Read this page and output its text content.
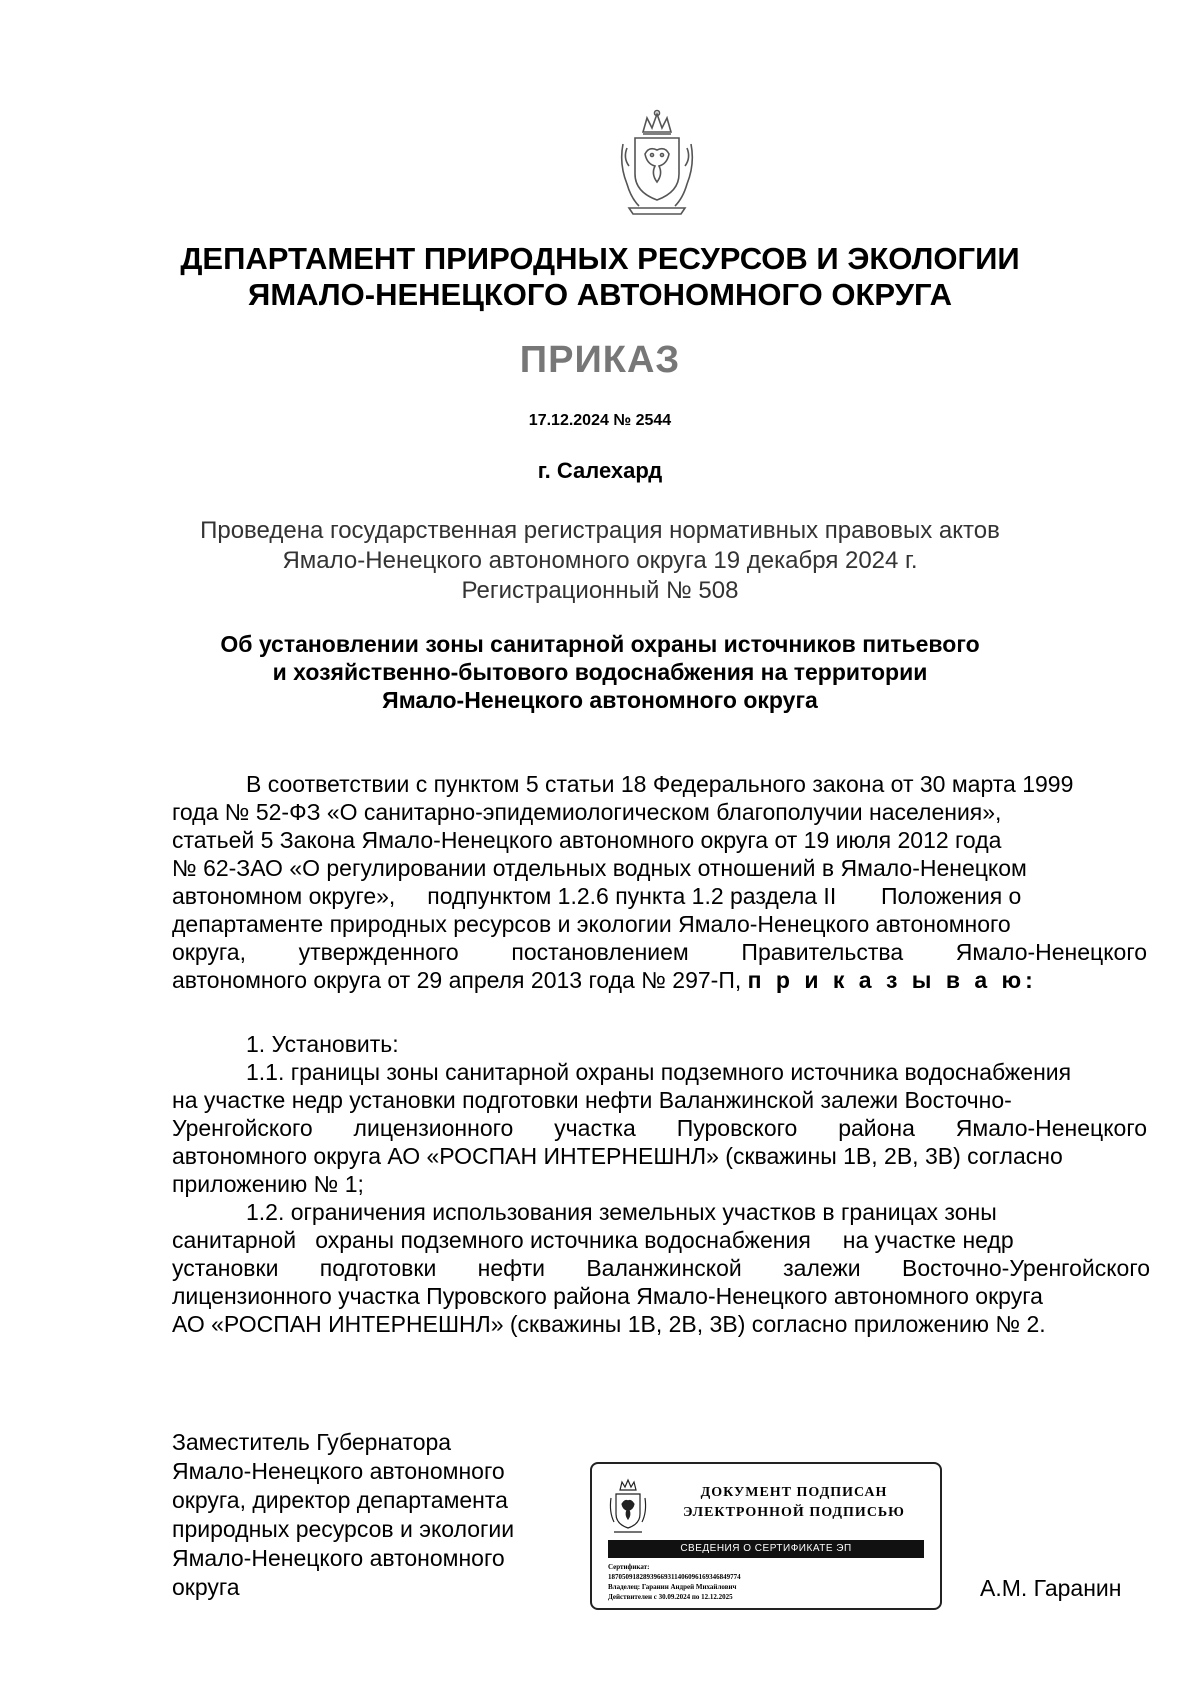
ДЕПАРТАМЕНТ ПРИРОДНЫХ РЕСУРСОВ И ЭКОЛОГИИ
ЯМАЛО-НЕНЕЦКОГО АВТОНОМНОГО ОКРУГА
ПРИКАЗ
17.12.2024 № 2544
г. Салехард
Проведена государственная регистрация нормативных правовых актов
Ямало-Ненецкого автономного округа 19 декабря 2024 г.
Регистрационный № 508
Об установлении зоны санитарной охраны источников питьевого
и хозяйственно-бытового водоснабжения на территории
Ямало-Ненецкого автономного округа
В соответствии с пунктом 5 статьи 18 Федерального закона от 30 марта 1999
года № 52-ФЗ «О санитарно-эпидемиологическом благополучии населения»,
статьей 5 Закона Ямало-Ненецкого автономного округа от 19 июля 2012 года
№ 62-ЗАО «О регулировании отдельных водных отношений в Ямало-Ненецком
автономном округе»,     подпунктом 1.2.6 пункта 1.2 раздела II       Положения о
департаменте природных ресурсов и экологии Ямало-Ненецкого автономного
округа, утвержденного постановлением Правительства Ямало-Ненецкого
автономного округа от 29 апреля 2013 года № 297-П, п р и к а з ы в а ю:
1. Установить:
1.1. границы зоны санитарной охраны подземного источника водоснабжения
на участке недр установки подготовки нефти Валанжинской залежи Восточно-
Уренгойского лицензионного участка Пуровского района Ямало-Ненецкого
автономного округа АО «РОСПАН ИНТЕРНЕШНЛ» (скважины 1В, 2В, 3В) согласно
приложению № 1;
1.2. ограничения использования земельных участков в границах зоны
санитарной   охраны подземного источника водоснабжения     на участке недр
установки подготовки нефти Валанжинской залежи Восточно-Уренгойского
лицензионного участка Пуровского района Ямало-Ненецкого автономного округа
АО «РОСПАН ИНТЕРНЕШНЛ» (скважины 1В, 2В, 3В) согласно приложению № 2.
Заместитель Губернатора
Ямало-Ненецкого автономного
округа, директор департамента
природных ресурсов и экологии
Ямало-Ненецкого автономного
округа
ДОКУМЕНТ ПОДПИСАН
ЭЛЕКТРОННОЙ ПОДПИСЬЮ
СВЕДЕНИЯ О СЕРТИФИКАТЕ ЭП
Сертификат:
1870509182893966931140609616934684977​4
Владелец: Гаранин Андрей Михайлович
Действителен с 30.09.2024 по 12.12.2025	А.М. Гаранин
